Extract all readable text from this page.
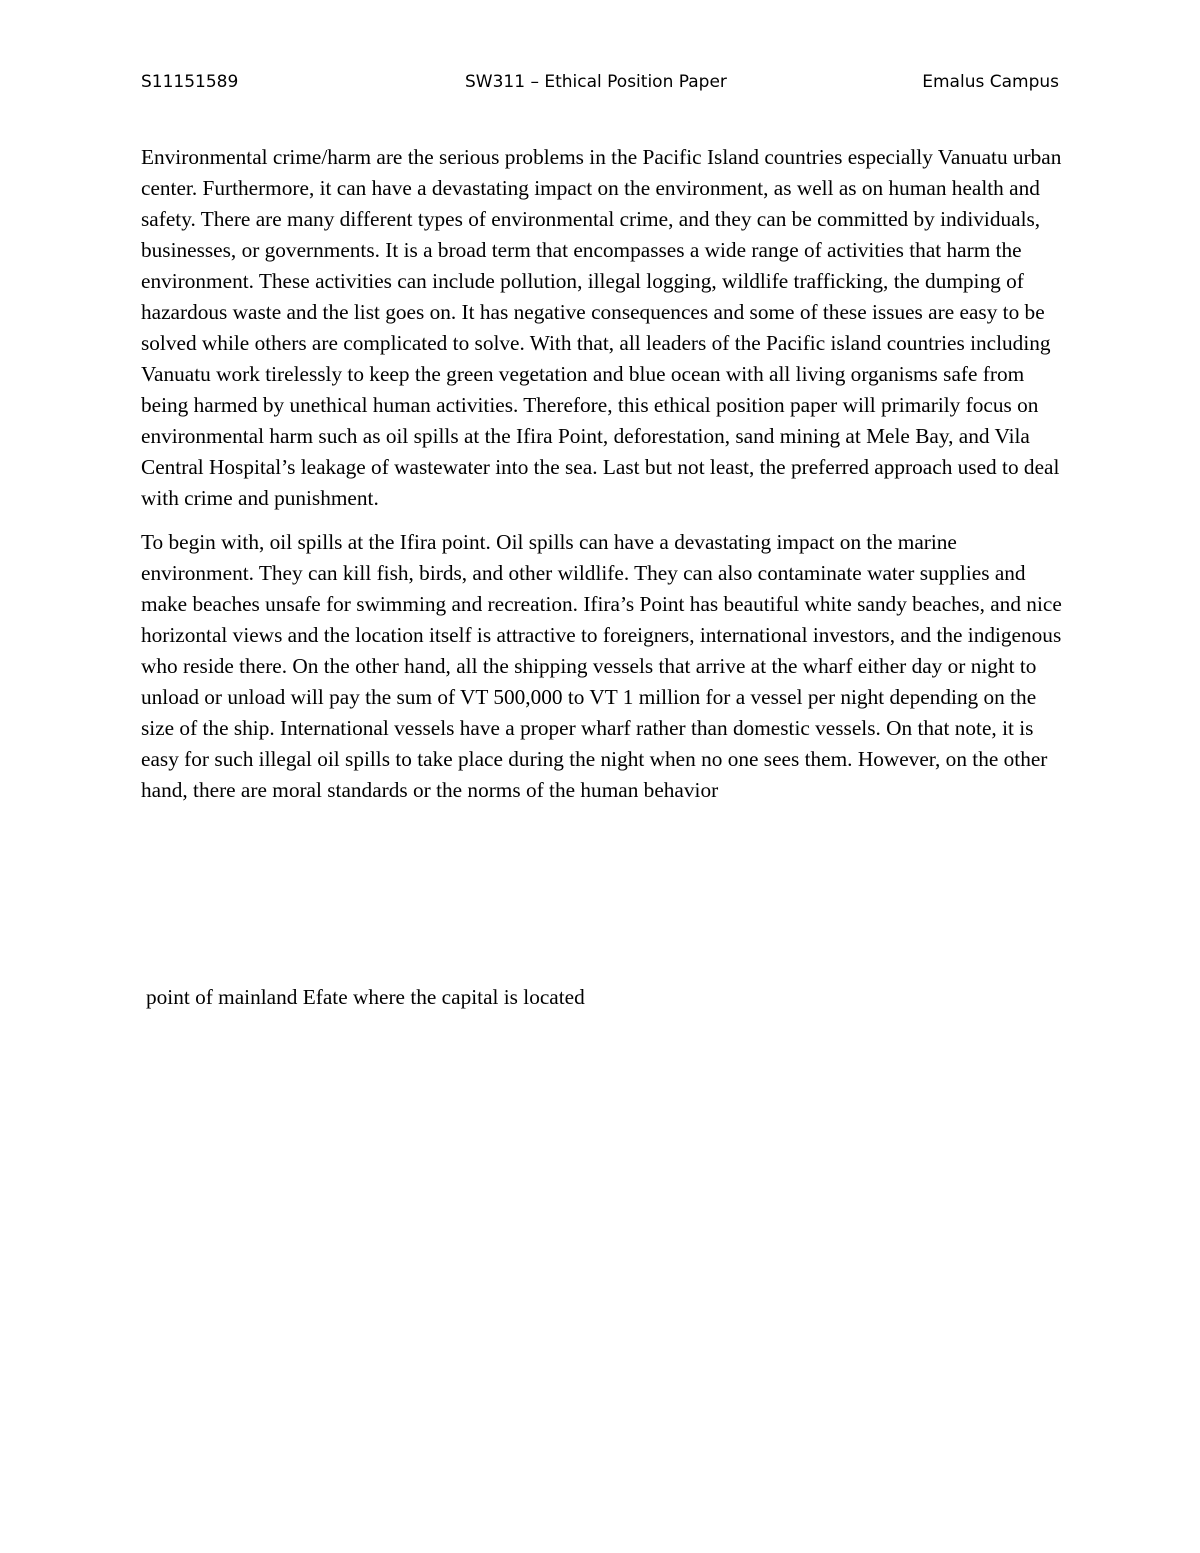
S11151589	SW311 – Ethical Position Paper	Emalus Campus

Environmental crime/harm are the serious problems in the Pacific Island countries especially Vanuatu urban center. Furthermore, it can have a devastating impact on the environment, as well as on human health and safety. There are many different types of environmental crime, and they can be committed by individuals, businesses, or governments. It is a broad term that encompasses a wide range of activities that harm the environment. These activities can include pollution, illegal logging, wildlife trafficking, the dumping of hazardous waste and the list goes on. It has negative consequences and some of these issues are easy to be solved while others are complicated to solve. With that, all leaders of the Pacific island countries including Vanuatu work tirelessly to keep the green vegetation and blue ocean with all living organisms safe from being harmed by unethical human activities. Therefore, this ethical position paper will primarily focus on environmental harm such as oil spills at the Ifira Point, deforestation, sand mining at Mele Bay, and Vila Central Hospital’s leakage of wastewater into the sea. Last but not least, the preferred approach used to deal with crime and punishment.

To begin with, oil spills at the Ifira point. Oil spills can have a devastating impact on the marine environment. They can kill fish, birds, and other wildlife. They can also contaminate water supplies and make beaches unsafe for swimming and recreation. Ifira’s Point has beautiful white sandy beaches, and nice horizontal views and the location itself is attractive to foreigners, international investors, and the indigenous who reside there. On the other hand, all the shipping vessels that arrive at the wharf either day or night to unload or unload will pay the sum of VT 500,000 to VT 1 million for a vessel per night depending on the size of the ship. International vessels have a proper wharf rather than domestic vessels. On that note, it is easy for such illegal oil spills to take place during the night when no one sees them. However, on the other hand, there are moral standards or the norms of the human behavior

point of mainland Efate where the capital is located
